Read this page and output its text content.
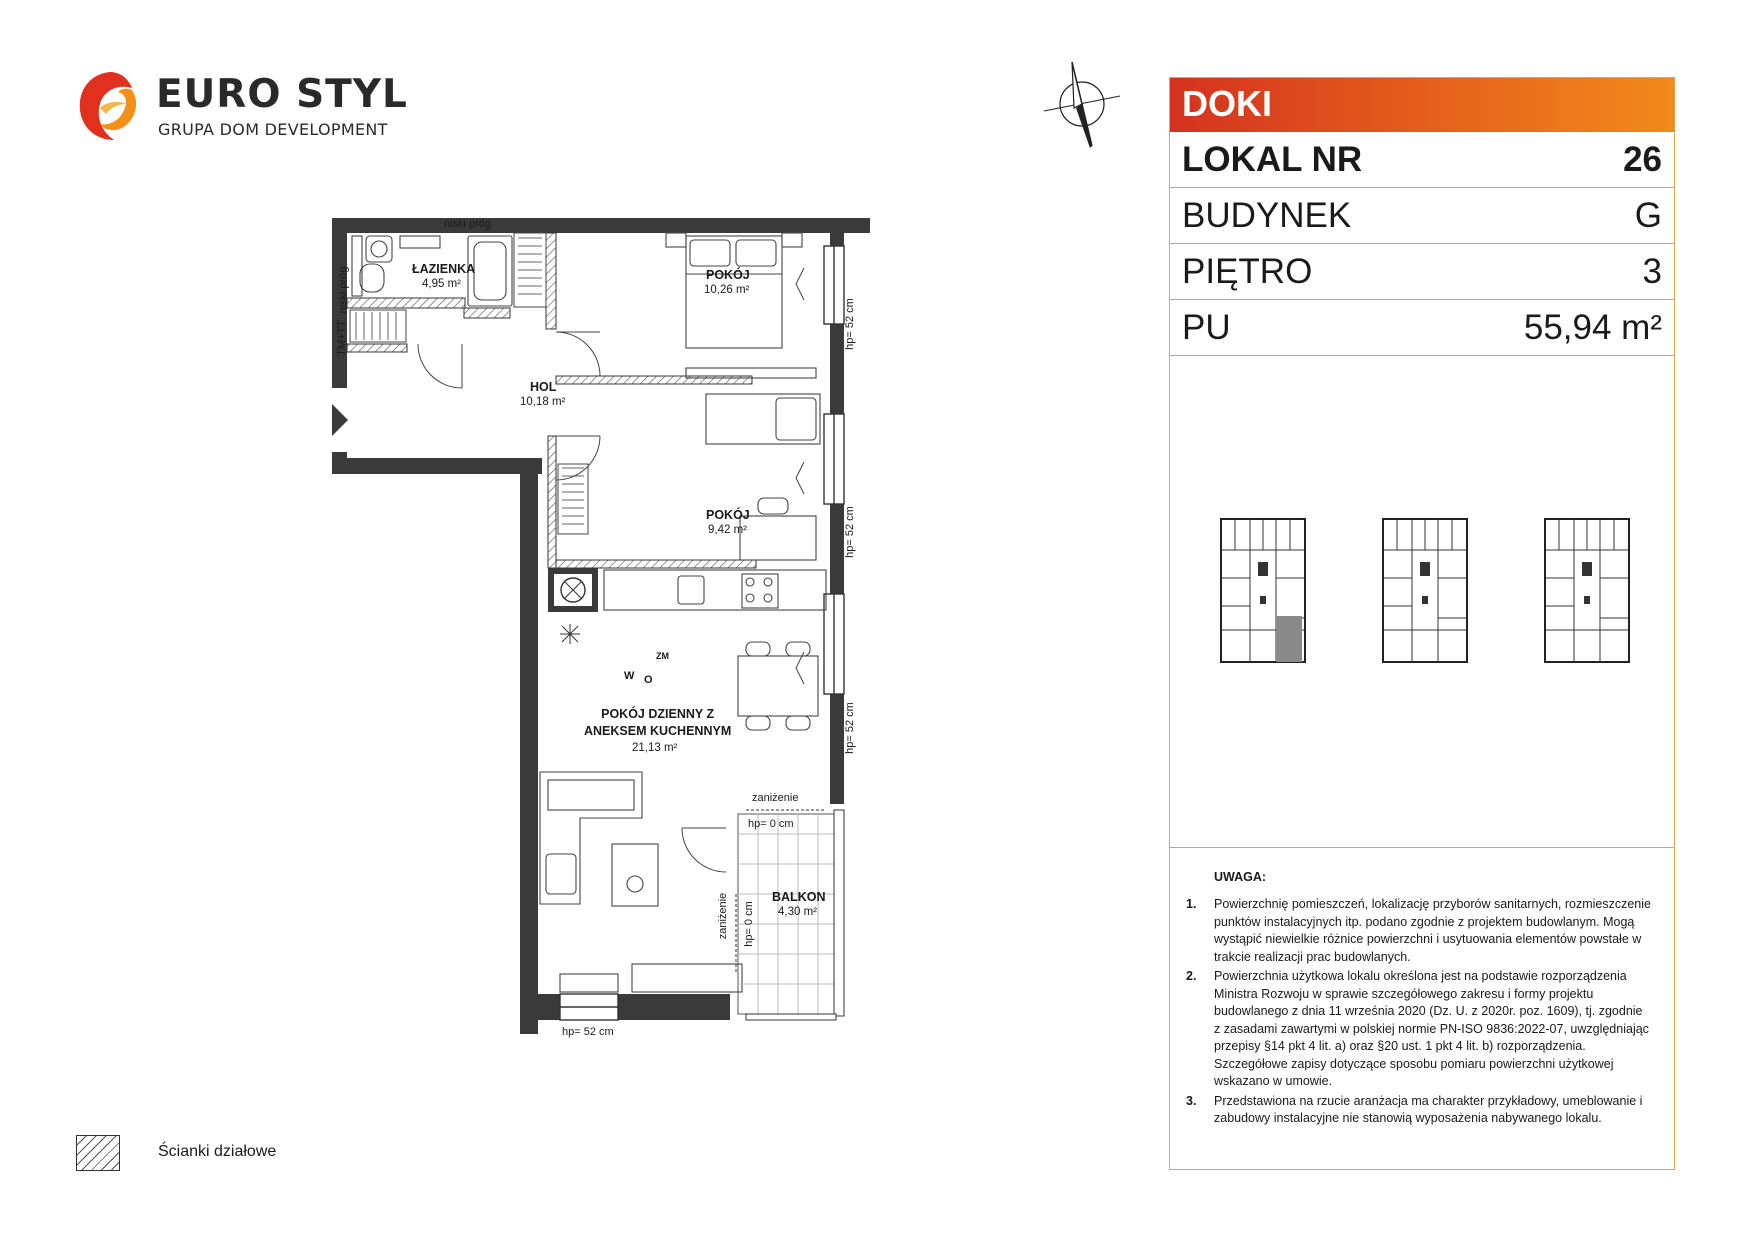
EURO STYL
GRUPA DOM DEVELOPMENT
DOKI
LOKAL NR	26
BUDYNEK	G
PIĘTRO	3
PU	55,94 m²
UWAGA:
1. Powierzchnię pomieszczeń, lokalizację przyborów sanitarnych, rozmieszczenie punktów instalacyjnych itp. podano zgodnie z projektem budowlanym. Mogą wystąpić niewielkie różnice powierzchni i usytuowania elementów powstałe w trakcie realizacji prac budowlanych.
2. Powierzchnia użytkowa lokalu określona jest na podstawie rozporządzenia Ministra Rozwoju w sprawie szczegółowego zakresu i formy projektu budowlanego z dnia 11 września 2020 (Dz. U. z 2020r. poz. 1609), tj. zgodnie z zasadami zawartymi w polskiej normie PN-ISO 9836:2022-07, uwzględniając przepisy §14 pkt 4 lit. a) oraz §20 ust. 1 pkt 4 lit. b) rozporządzenia. Szczegółowe zapisy dotyczące sposobu pomiaru powierzchni użytkowej wskazano w umowie.
3. Przedstawiona na rzucie aranżacja ma charakter przykładowy, umeblowanie i zabudowy instalacyjne nie stanowią wyposażenia nabywanego lokalu.
Ścianki działowe
niski próg
niski próg
TM+TT
ŁAZIENKA
4,95 m²
POKÓJ
10,26 m²
HOL
10,18 m²
POKÓJ
9,42 m²
POKÓJ DZIENNY Z
ANEKSEM KUCHENNYM
21,13 m²
BALKON
4,30 m²
ZM
W O
zaniżenie
hp= 0 cm
zaniżenie hp= 0 cm
hp= 52 cm
hp= 52 cm
hp= 52 cm
hp= 52 cm
